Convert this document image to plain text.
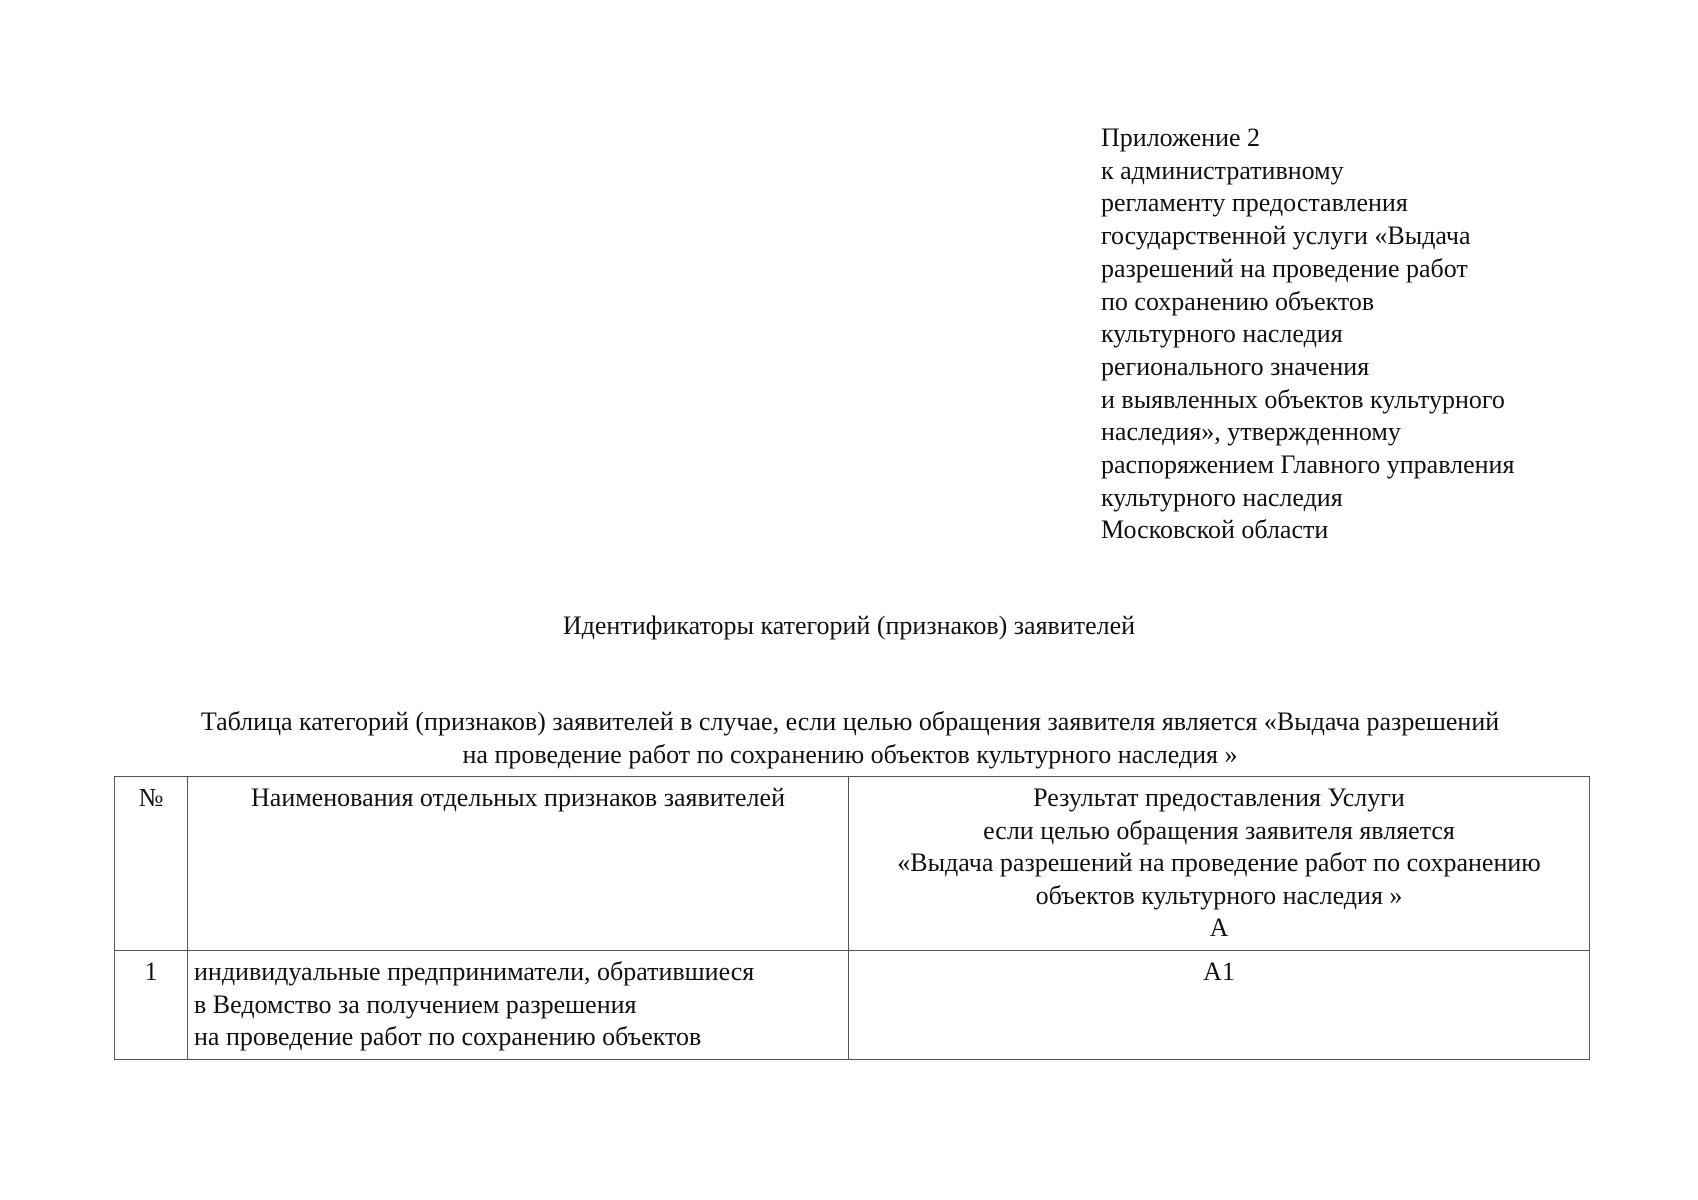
Приложение 2
к административному
регламенту предоставления
государственной услуги «Выдача
разрешений на проведение работ
по сохранению объектов
культурного наследия
регионального значения
и выявленных объектов культурного
наследия», утвержденному
распоряжением Главного управления
культурного наследия
Московской области
Идентификаторы категорий (признаков) заявителей
Таблица категорий (признаков) заявителей в случае, если целью обращения заявителя является «Выдача разрешений
на проведение работ по сохранению объектов культурного наследия »
№	Наименования отдельных признаков заявителей	Результат предоставления Услуги
если целью обращения заявителя является
«Выдача разрешений на проведение работ по сохранению
объектов культурного наследия »
А

1	индивидуальные предприниматели, обратившиеся
в Ведомство за получением разрешения
на проведение работ по сохранению объектов	А1
